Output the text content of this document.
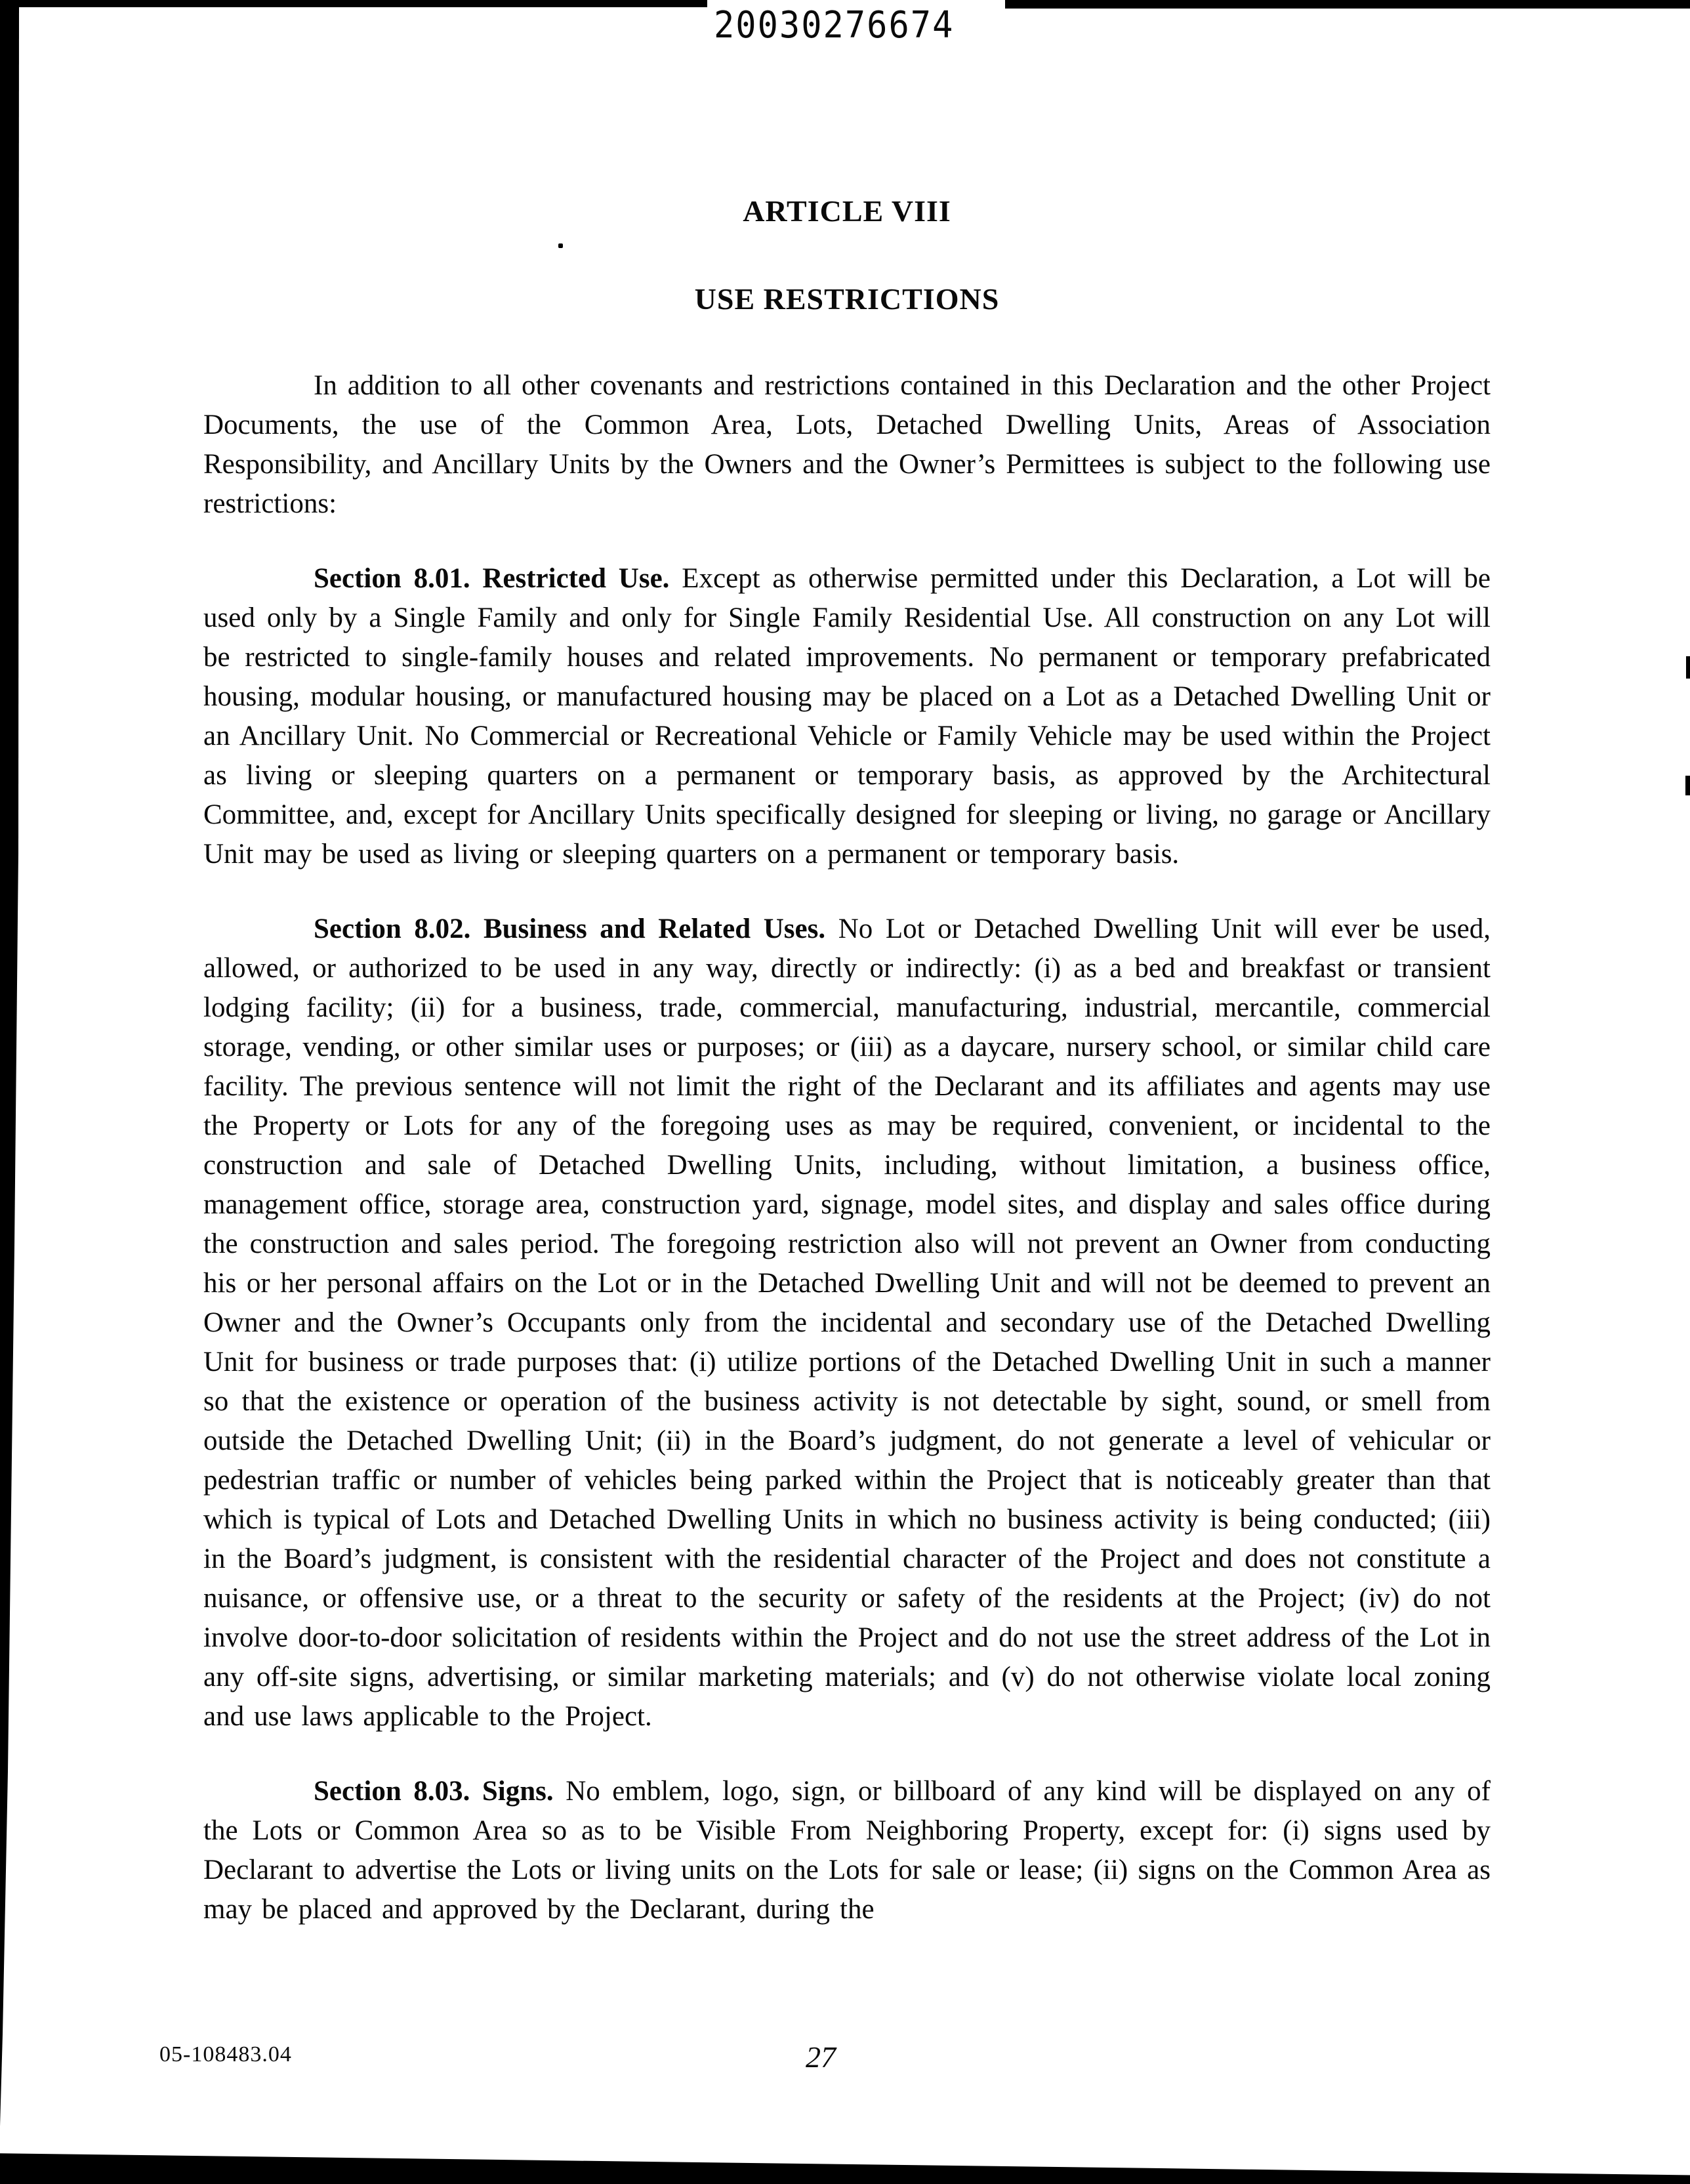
20030276674
ARTICLE VIII
USE RESTRICTIONS

In addition to all other covenants and restrictions contained in this Declaration and the other Project Documents, the use of the Common Area, Lots, Detached Dwelling Units, Areas of Association Responsibility, and Ancillary Units by the Owners and the Owner’s Permittees is subject to the following use restrictions:

Section 8.01. Restricted Use. Except as otherwise permitted under this Declaration, a Lot will be used only by a Single Family and only for Single Family Residential Use. All construction on any Lot will be restricted to single-family houses and related improvements. No permanent or temporary prefabricated housing, modular housing, or manufactured housing may be placed on a Lot as a Detached Dwelling Unit or an Ancillary Unit. No Commercial or Recreational Vehicle or Family Vehicle may be used within the Project as living or sleeping quarters on a permanent or temporary basis, as approved by the Architectural Committee, and, except for Ancillary Units specifically designed for sleeping or living, no garage or Ancillary Unit may be used as living or sleeping quarters on a permanent or temporary basis.

Section 8.02. Business and Related Uses. No Lot or Detached Dwelling Unit will ever be used, allowed, or authorized to be used in any way, directly or indirectly: (i) as a bed and breakfast or transient lodging facility; (ii) for a business, trade, commercial, manufacturing, industrial, mercantile, commercial storage, vending, or other similar uses or purposes; or (iii) as a daycare, nursery school, or similar child care facility. The previous sentence will not limit the right of the Declarant and its affiliates and agents may use the Property or Lots for any of the foregoing uses as may be required, convenient, or incidental to the construction and sale of Detached Dwelling Units, including, without limitation, a business office, management office, storage area, construction yard, signage, model sites, and display and sales office during the construction and sales period. The foregoing restriction also will not prevent an Owner from conducting his or her personal affairs on the Lot or in the Detached Dwelling Unit and will not be deemed to prevent an Owner and the Owner’s Occupants only from the incidental and secondary use of the Detached Dwelling Unit for business or trade purposes that: (i) utilize portions of the Detached Dwelling Unit in such a manner so that the existence or operation of the business activity is not detectable by sight, sound, or smell from outside the Detached Dwelling Unit; (ii) in the Board’s judgment, do not generate a level of vehicular or pedestrian traffic or number of vehicles being parked within the Project that is noticeably greater than that which is typical of Lots and Detached Dwelling Units in which no business activity is being conducted; (iii) in the Board’s judgment, is consistent with the residential character of the Project and does not constitute a nuisance, or offensive use, or a threat to the security or safety of the residents at the Project; (iv) do not involve door-to-door solicitation of residents within the Project and do not use the street address of the Lot in any off-site signs, advertising, or similar marketing materials; and (v) do not otherwise violate local zoning and use laws applicable to the Project.

Section 8.03. Signs. No emblem, logo, sign, or billboard of any kind will be displayed on any of the Lots or Common Area so as to be Visible From Neighboring Property, except for: (i) signs used by Declarant to advertise the Lots or living units on the Lots for sale or lease; (ii) signs on the Common Area as may be placed and approved by the Declarant, during the

05-108483.04	27
